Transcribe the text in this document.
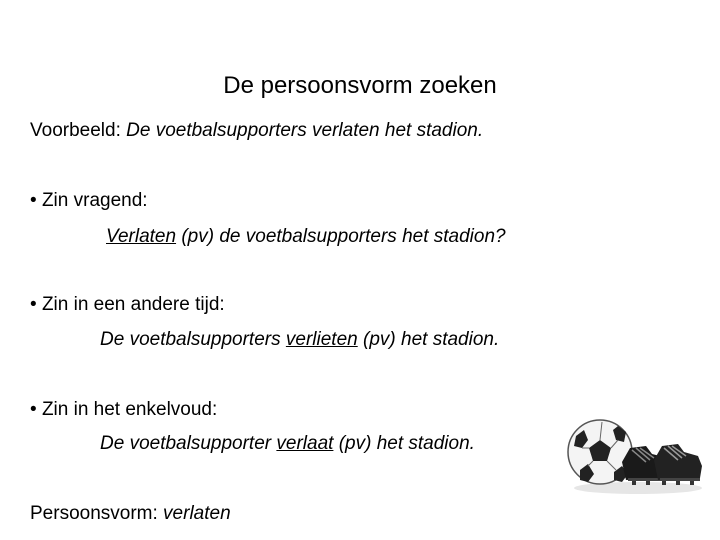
De persoonsvorm zoeken
Voorbeeld: De voetbalsupporters verlaten het stadion.
• Zin vragend:
Verlaten (pv) de voetbalsupporters het stadion?
• Zin in een andere tijd:
De voetbalsupporters verlieten (pv) het stadion.
• Zin in het enkelvoud:
De voetbalsupporter verlaat (pv) het stadion.
Persoonsvorm: verlaten
